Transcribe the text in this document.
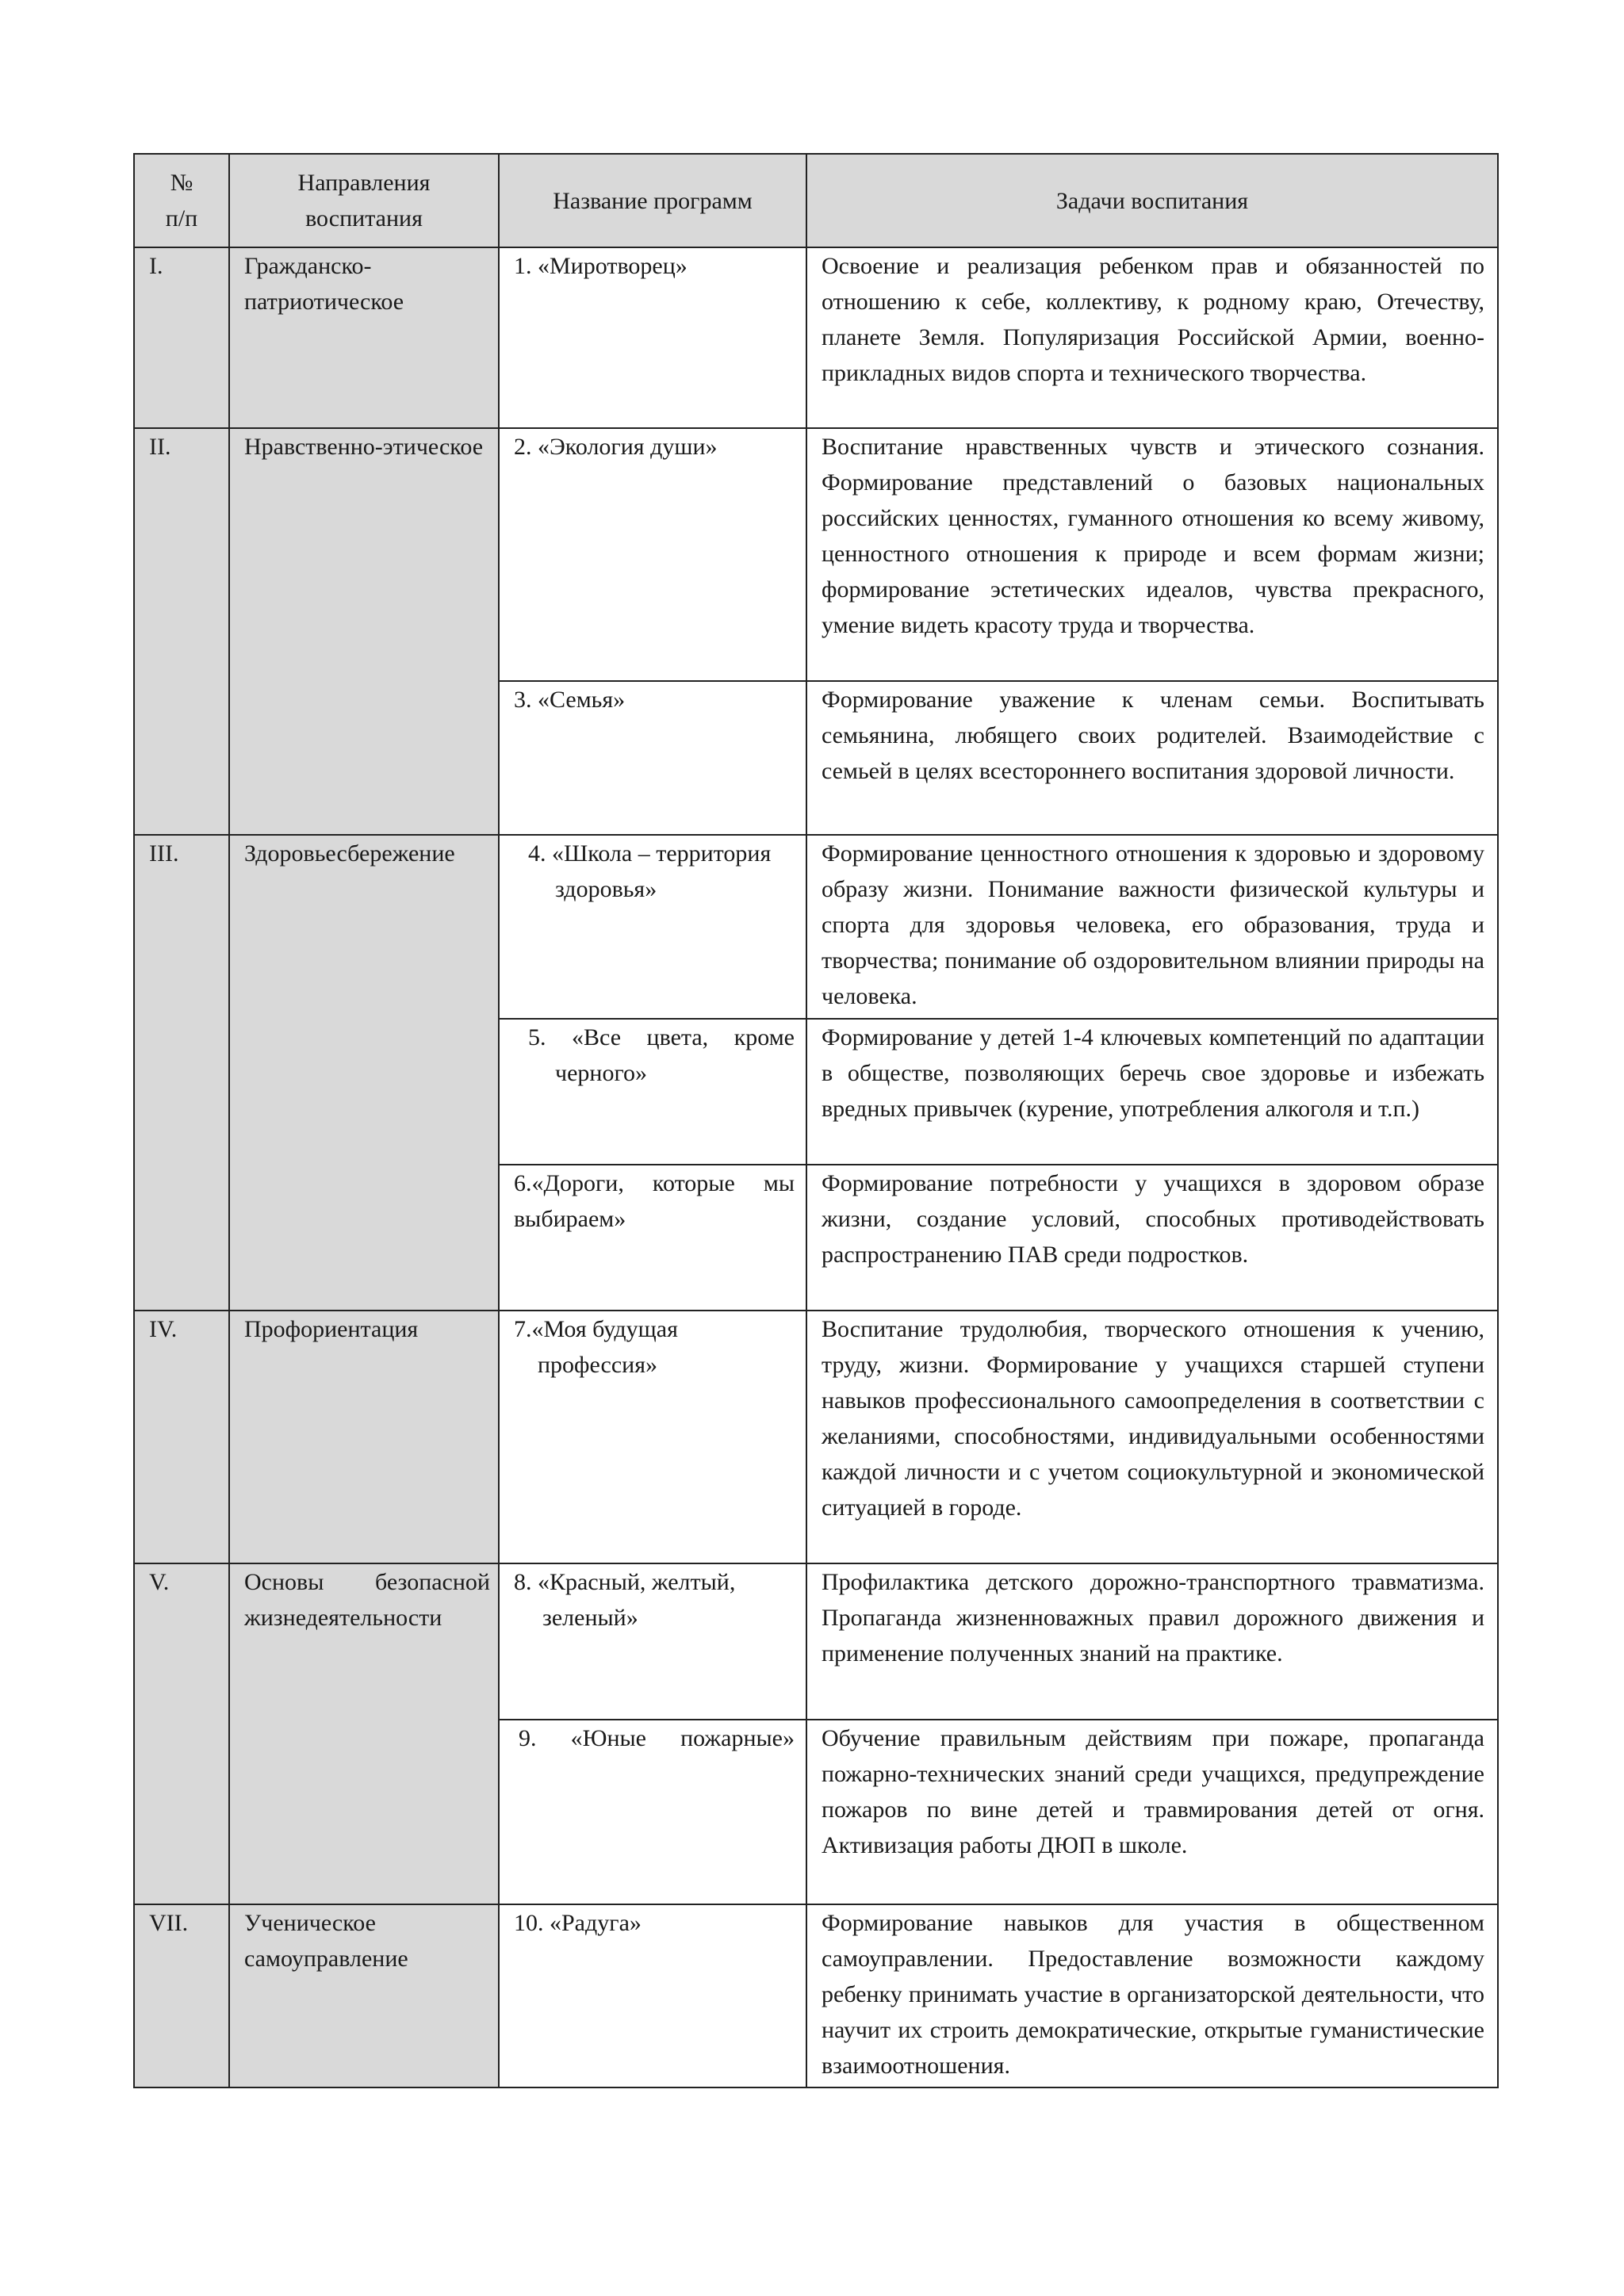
№ п/п	Направления воспитания	Название программ	Задачи воспитания
I.	Гражданско-патриотическое	1. «Миротворец»	Освоение и реализация ребенком прав и обязанностей по отношению к себе, коллективу, к родному краю, Отечеству, планете Земля. Популяризация Российской Армии, военно-прикладных видов спорта и технического творчества.

II.	Нравственно-этическое	2. «Экология души»	Воспитание нравственных чувств и этического сознания. Формирование представлений о базовых национальных российских ценностях, гуманного отношения ко всему живому, ценностного отношения к природе и всем формам жизни; формирование эстетических идеалов, чувства прекрасного, умение видеть красоту труда и творчества.

		3. «Семья»	Формирование уважение к членам семьи. Воспитывать семьянина, любящего своих родителей. Взаимодействие с семьей в целях всестороннего воспитания здоровой личности.

III.	Здоровьесбережение	4. «Школа – территория здоровья»	Формирование ценностного отношения к здоровью и здоровому образу жизни. Понимание важности физической культуры и спорта для здоровья человека, его образования, труда и творчества; понимание об оздоровительном влиянии природы на человека.

		5. «Все цвета, кроме черного»	Формирование у детей 1-4 ключевых компетенций по адаптации в обществе, позволяющих беречь свое здоровье и избежать вредных привычек (курение, употребления алкоголя и т.п.)

		6.«Дороги, которые мы выбираем»	Формирование потребности у учащихся в здоровом образе жизни, создание условий, способных противодействовать распространению ПАВ среди подростков.

IV.	Профориентация	7.«Моя будущая профессия»	Воспитание трудолюбия, творческого отношения к учению, труду, жизни. Формирование у учащихся старшей ступени навыков профессионального самоопределения в соответствии с желаниями, способностями, индивидуальными особенностями каждой личности и с учетом социокультурной и экономической ситуацией в городе.

V.	Основы безопасной жизнедеятельности	8. «Красный, желтый, зеленый»	Профилактика детского дорожно-транспортного травматизма. Пропаганда жизненноважных правил дорожного движения и применение полученных знаний на практике.

		9. «Юные пожарные»	Обучение правильным действиям при пожаре, пропаганда пожарно-технических знаний среди учащихся, предупреждение пожаров по вине детей и травмирования детей от огня. Активизация работы ДЮП в школе.

VII.	Ученическое самоуправление	10. «Радуга»	Формирование навыков для участия в общественном самоуправлении. Предоставление возможности каждому ребенку принимать участие в организаторской деятельности, что научит их строить демократические, открытые гуманистические взаимоотношения.
